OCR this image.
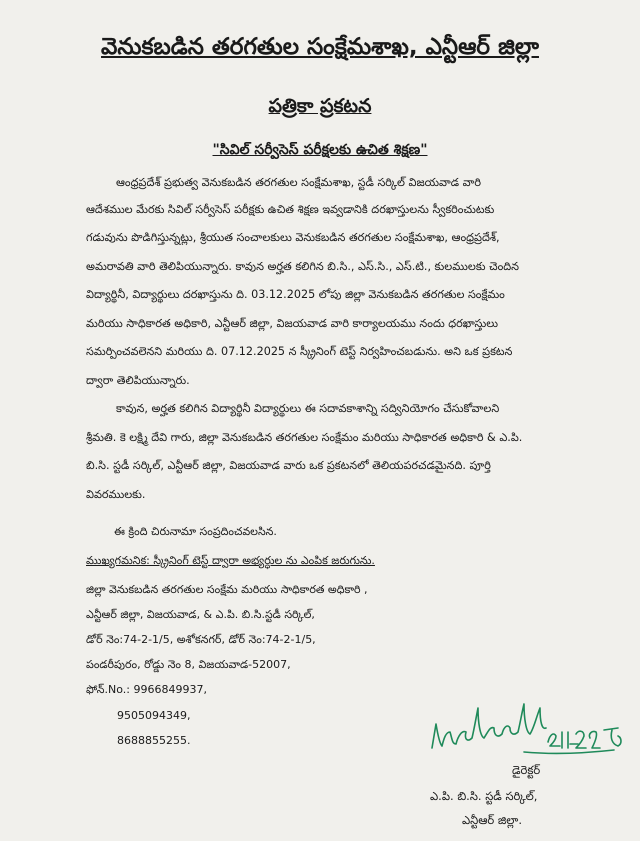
వెనుకబడిన తరగతుల సంక్షేమశాఖ, ఎన్టీఆర్ జిల్లా
పత్రికా ప్రకటన
"సివిల్ సర్వీసెస్ పరీక్షలకు ఉచిత శిక్షణ"
ఆంధ్రప్రదేశ్ ప్రభుత్వ వెనుకబడిన తరగతుల సంక్షేమశాఖ, స్టడీ సర్కిల్ విజయవాడ వారి
ఆదేశముల మేరకు సివిల్ సర్వీసెస్ పరీక్షకు ఉచిత శిక్షణ ఇవ్వడానికి దరఖాస్తులను స్వీకరించుటకు
గడువును పొడిగిస్తున్నట్లు, శ్రీయుత సంచాలకులు వెనుకబడిన తరగతుల సంక్షేమశాఖ, ఆంధ్రప్రదేశ్,
అమరావతి వారి తెలిపియున్నారు. కావున అర్హత కలిగిన బి.సి., ఎస్.సి., ఎస్.టి., కులములకు చెందిన
విద్యార్థినీ, విద్యార్థులు దరఖాస్తును ది. 03.12.2025 లోపు జిల్లా వెనుకబడిన తరగతుల సంక్షేమం
మరియు సాధికారత అధికారి, ఎన్టీఆర్ జిల్లా, విజయవాడ వారి కార్యాలయము నందు ధరఖాస్తులు
సమర్పించవలెనని మరియు ది. 07.12.2025 న స్క్రీనింగ్ టెస్ట్ నిర్వహించబడును. అని ఒక ప్రకటన
ద్వారా తెలిపియున్నారు.
కావున, అర్హత కలిగిన విద్యార్థినీ విద్యార్థులు ఈ సదావకాశాన్ని సద్వినియోగం చేసుకోవాలని
శ్రీమతి. కె లక్ష్మి దేవి గారు, జిల్లా వెనుకబడిన తరగతుల సంక్షేమం మరియు సాధికారత అధికారి & ఎ.పి.
బి.సి. స్టడీ సర్కిల్, ఎన్టీఆర్ జిల్లా, విజయవాడ వారు ఒక ప్రకటనలో తెలియపరచడమైనది. పూర్తి
వివరములకు.
ఈ క్రింది చిరునామా సంప్రదించవలసిన.
ముఖ్యగమనిక: స్క్రీనింగ్ టెస్ట్ ద్వారా అభ్యర్ధుల ను ఎంపిక జరుగును.
జిల్లా వెనుకబడిన తరగతుల సంక్షేమ మరియు సాధికారత అధికారి ,
ఎన్టీఆర్ జిల్లా, విజయవాడ, & ఎ.పి. బి.సి.స్టడీ సర్కిల్,
డోర్ నెం:74-2-1/5, అశోకనగర్, డోర్ నెం:74-2-1/5,
పండరీపురం, రోడ్డు నెం 8, విజయవాడ-52007,
ఫోన్.No.: 9966849937,
9505094349,
8688855255.
డైరెక్టర్
ఎ.పి. బి.సి. స్టడీ సర్కిల్,
ఎన్టీఆర్ జిల్లా.
